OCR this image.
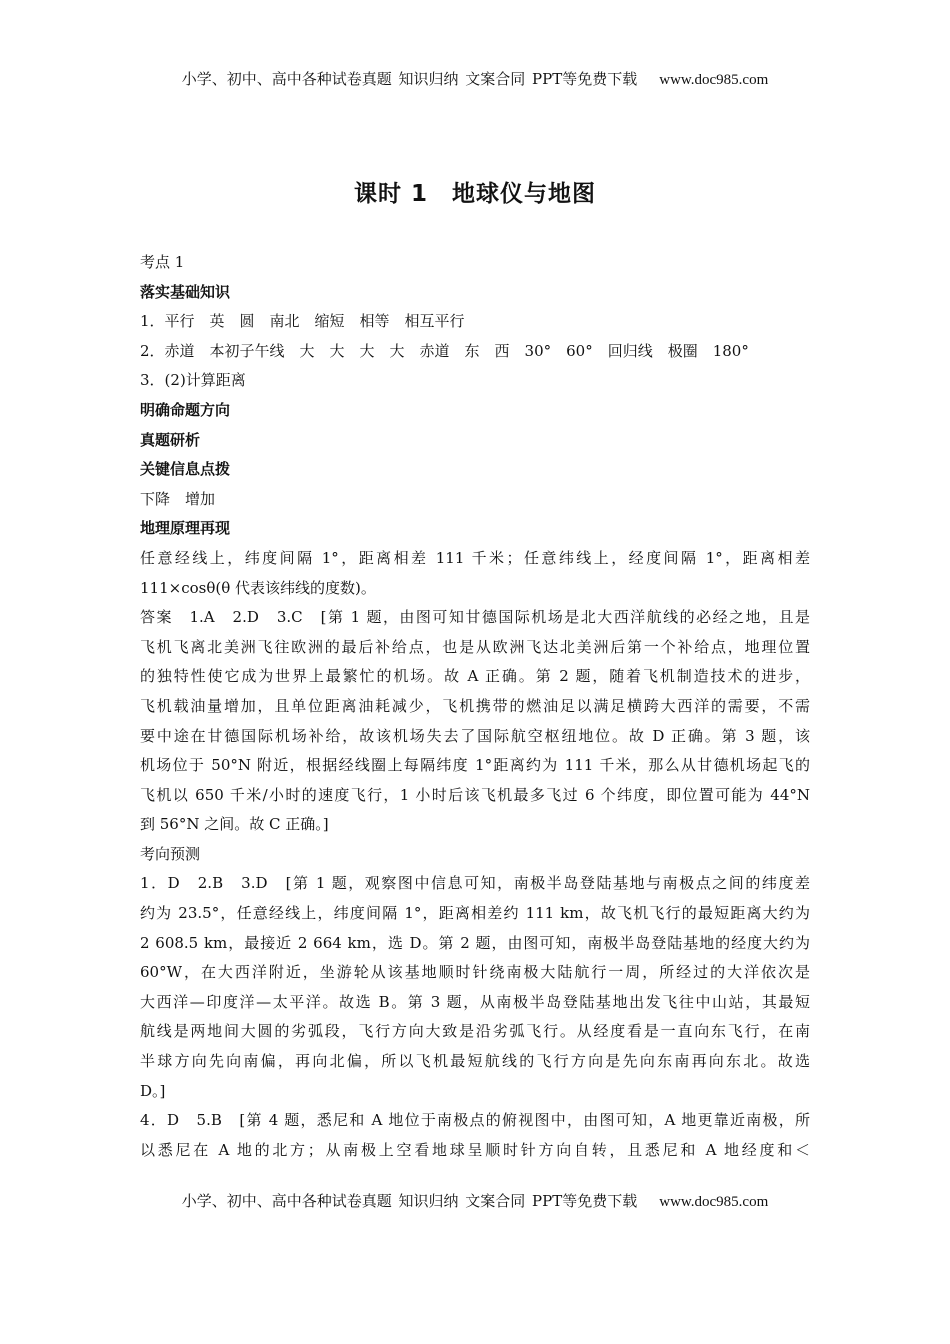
小学、初中、高中各种试卷真题 知识归纳 文案合同 PPT等免费下载 www.doc985.com
课时 1　地球仪与地图
考点 1
落实基础知识
1．平行　英　圆　南北　缩短　相等　相互平行
2．赤道　本初子午线　大　大　大　大　赤道　东　西　30°　60°　回归线　极圈　180°
3．(2)计算距离
明确命题方向
真题研析
关键信息点拨
下降　增加
地理原理再现
任意经线上，纬度间隔 1°，距离相差 111 千米；任意纬线上，经度间隔 1°，距离相差
111×cosθ(θ 代表该纬线的度数)。
答案　1.A　2.D　3.C　[第 1 题，由图可知甘德国际机场是北大西洋航线的必经之地，且是
飞机飞离北美洲飞往欧洲的最后补给点，也是从欧洲飞达北美洲后第一个补给点，地理位置
的独特性使它成为世界上最繁忙的机场。故 A 正确。第 2 题，随着飞机制造技术的进步，
飞机载油量增加，且单位距离油耗减少，飞机携带的燃油足以满足横跨大西洋的需要，不需
要中途在甘德国际机场补给，故该机场失去了国际航空枢纽地位。故 D 正确。第 3 题，该
机场位于 50°N 附近，根据经线圈上每隔纬度 1°距离约为 111 千米，那么从甘德机场起飞的
飞机以 650 千米/小时的速度飞行，1 小时后该飞机最多飞过 6 个纬度，即位置可能为 44°N
到 56°N 之间。故 C 正确。]
考向预测
1．D　2.B　3.D　[第 1 题，观察图中信息可知，南极半岛登陆基地与南极点之间的纬度差
约为 23.5°，任意经线上，纬度间隔 1°，距离相差约 111 km，故飞机飞行的最短距离大约为
2 608.5 km，最接近 2 664 km，选 D。第 2 题，由图可知，南极半岛登陆基地的经度大约为
60°W，在大西洋附近，坐游轮从该基地顺时针绕南极大陆航行一周，所经过的大洋依次是
大西洋—印度洋—太平洋。故选 B。第 3 题，从南极半岛登陆基地出发飞往中山站，其最短
航线是两地间大圆的劣弧段，飞行方向大致是沿劣弧飞行。从经度看是一直向东飞行，在南
半球方向先向南偏，再向北偏，所以飞机最短航线的飞行方向是先向东南再向东北。故选
D。]
4．D　5.B　[第 4 题，悉尼和 A 地位于南极点的俯视图中，由图可知，A 地更靠近南极，所
以悉尼在 A 地的北方；从南极上空看地球呈顺时针方向自转，且悉尼和 A 地经度和＜
小学、初中、高中各种试卷真题 知识归纳 文案合同 PPT等免费下载 www.doc985.com
